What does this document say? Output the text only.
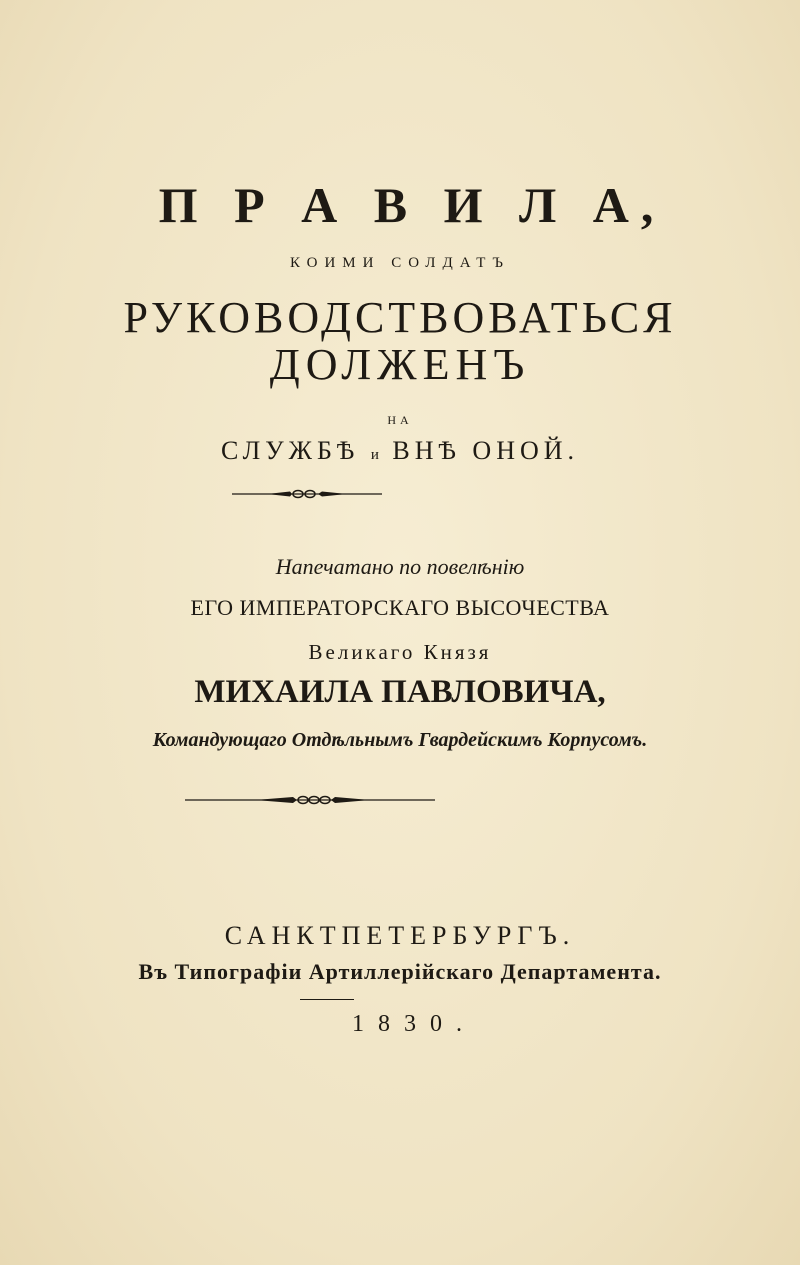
П Р А В И Л А,
КОИМИ СОЛДАТЪ
РУКОВОДСТВОВАТЬСЯ
ДОЛЖЕНЪ
НА
СЛУЖБѢ и ВНѢ ОНОЙ.
Напечатано по повелѣнію
ЕГО ИМПЕРАТОРСКАГО ВЫСОЧЕСТВА
Великаго Князя
МИХАИЛА ПАВЛОВИЧА,
Командующаго Отдѣльнымъ Гвардейскимъ Корпусомъ.
САНКТПЕТЕРБУРГЪ.
Въ Типографіи Артиллерійскаго Департамента.
1830.
